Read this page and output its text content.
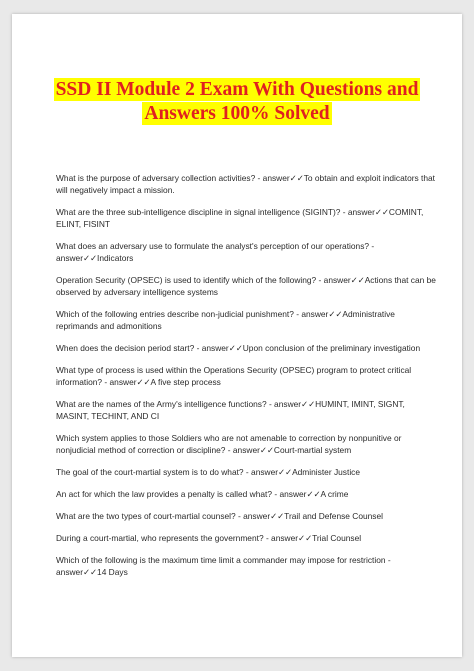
SSD II Module 2 Exam With Questions and
Answers 100% Solved

What is the purpose of adversary collection activities? - answer✓✓To obtain and exploit indicators that will negatively impact a mission.

What are the three sub-intelligence discipline in signal intelligence (SIGINT)? - answer✓✓COMINT, ELINT, FISINT

What does an adversary use to formulate the analyst's perception of our operations? - answer✓✓Indicators

Operation Security (OPSEC) is used to identify which of the following? - answer✓✓Actions that can be observed by adversary intelligence systems

Which of the following entries describe non-judicial punishment? - answer✓✓Administrative reprimands and admonitions

When does the decision period start? - answer✓✓Upon conclusion of the preliminary investigation

What type of process is used within the Operations Security (OPSEC) program to protect critical information? - answer✓✓A five step process

What are the names of the Army's intelligence functions? - answer✓✓HUMINT, IMINT, SIGNT, MASINT, TECHINT, AND CI

Which system applies to those Soldiers who are not amenable to correction by nonpunitive or nonjudicial method of correction or discipline? - answer✓✓Court-martial system

The goal of the court-martial system is to do what? - answer✓✓Administer Justice

An act for which the law provides a penalty is called what? - answer✓✓A crime

What are the two types of court-martial counsel? - answer✓✓Trail and Defense Counsel

During a court-martial, who represents the government? - answer✓✓Trial Counsel

Which of the following is the maximum time limit a commander may impose for restriction - answer✓✓14 Days
